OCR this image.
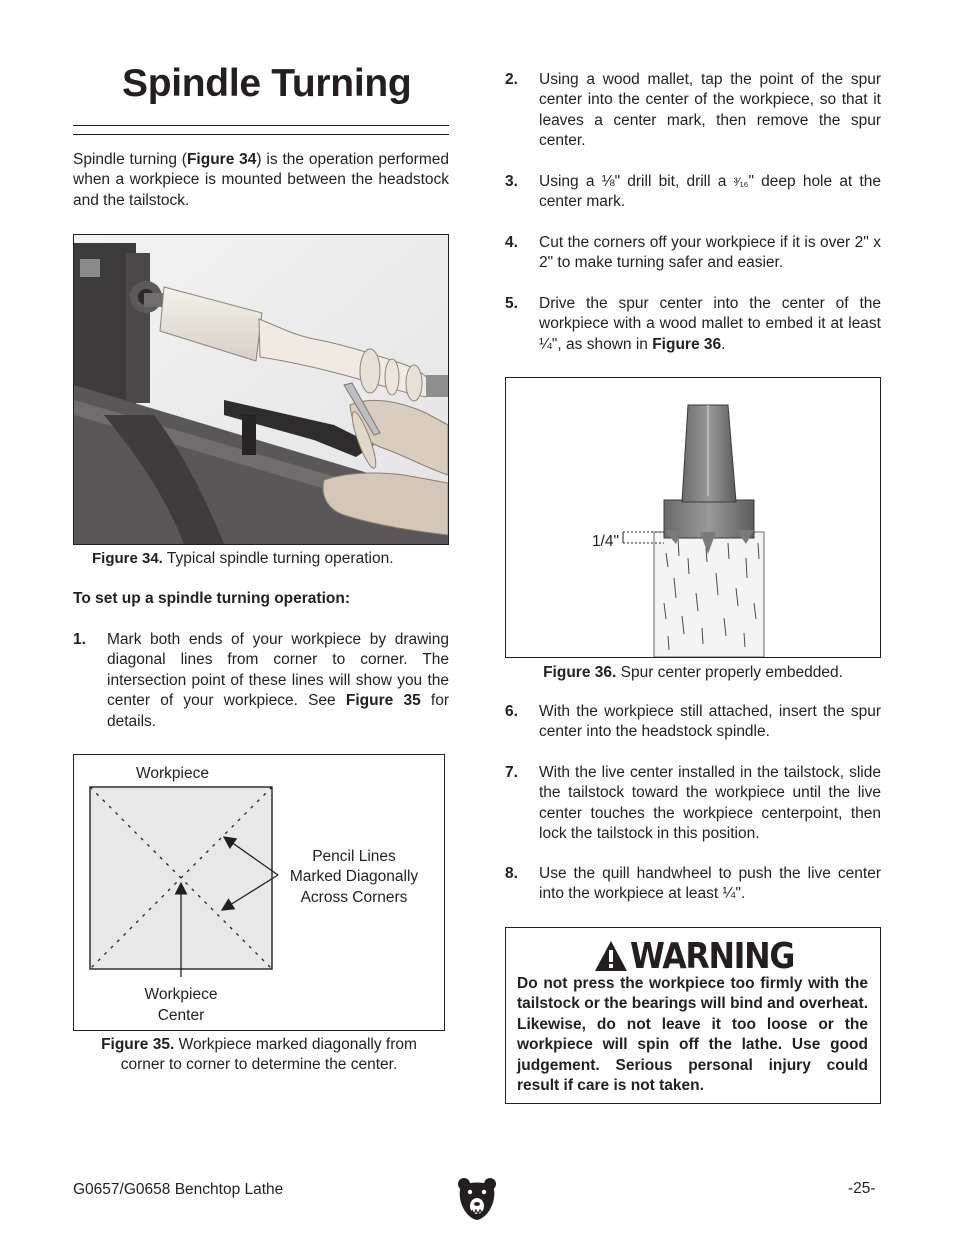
Spindle Turning
Spindle turning (Figure 34) is the operation performed when a workpiece is mounted between the headstock and the tailstock.
Figure 34. Typical spindle turning operation.
To set up a spindle turning operation:
1. Mark both ends of your workpiece by drawing diagonal lines from corner to corner. The intersection point of these lines will show you the center of your workpiece. See Figure 35 for details.
Workpiece
Pencil Lines
Marked Diagonally
Across Corners
Workpiece
Center
Figure 35. Workpiece marked diagonally from
corner to corner to determine the center.
2. Using a wood mallet, tap the point of the spur center into the center of the workpiece, so that it leaves a center mark, then remove the spur center.
3. Using a ⅛" drill bit, drill a ³⁄₁₆" deep hole at the center mark.
4. Cut the corners off your workpiece if it is over 2" x 2" to make turning safer and easier.
5. Drive the spur center into the center of the workpiece with a wood mallet to embed it at least ¼", as shown in Figure 36.
1/4"
Figure 36. Spur center properly embedded.
6. With the workpiece still attached, insert the spur center into the headstock spindle.
7. With the live center installed in the tailstock, slide the tailstock toward the workpiece until the live center touches the workpiece centerpoint, then lock the tailstock in this position.
8. Use the quill handwheel to push the live center into the workpiece at least ¼".
WARNING
Do not press the workpiece too firmly with the tailstock or the bearings will bind and overheat. Likewise, do not leave it too loose or the workpiece will spin off the lathe. Use good judgement. Serious personal injury could result if care is not taken.
G0657/G0658 Benchtop Lathe	-25-
